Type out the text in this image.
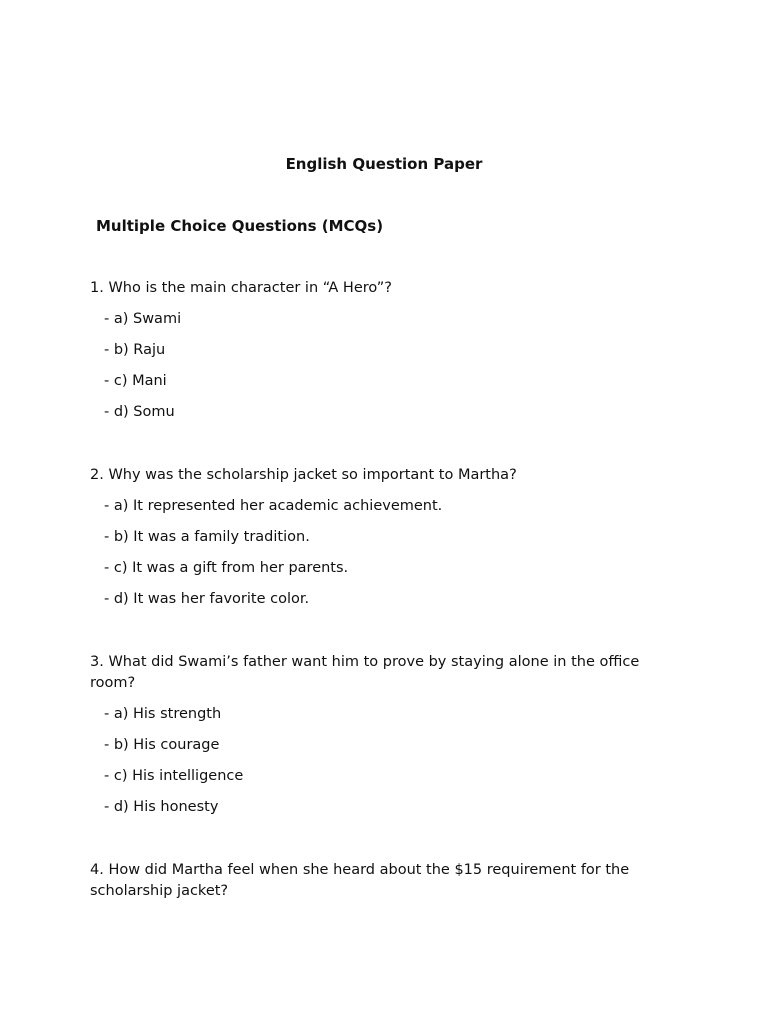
English Question Paper
Multiple Choice Questions (MCQs)

1. Who is the main character in “A Hero”?

- a) Swami
- b) Raju
- c) Mani
- d) Somu

2. Why was the scholarship jacket so important to Martha?

- a) It represented her academic achievement.
- b) It was a family tradition.
- c) It was a gift from her parents.
- d) It was her favorite color.

3. What did Swami’s father want him to prove by staying alone in the office room?

- a) His strength
- b) His courage
- c) His intelligence
- d) His honesty

4. How did Martha feel when she heard about the $15 requirement for the scholarship jacket?
